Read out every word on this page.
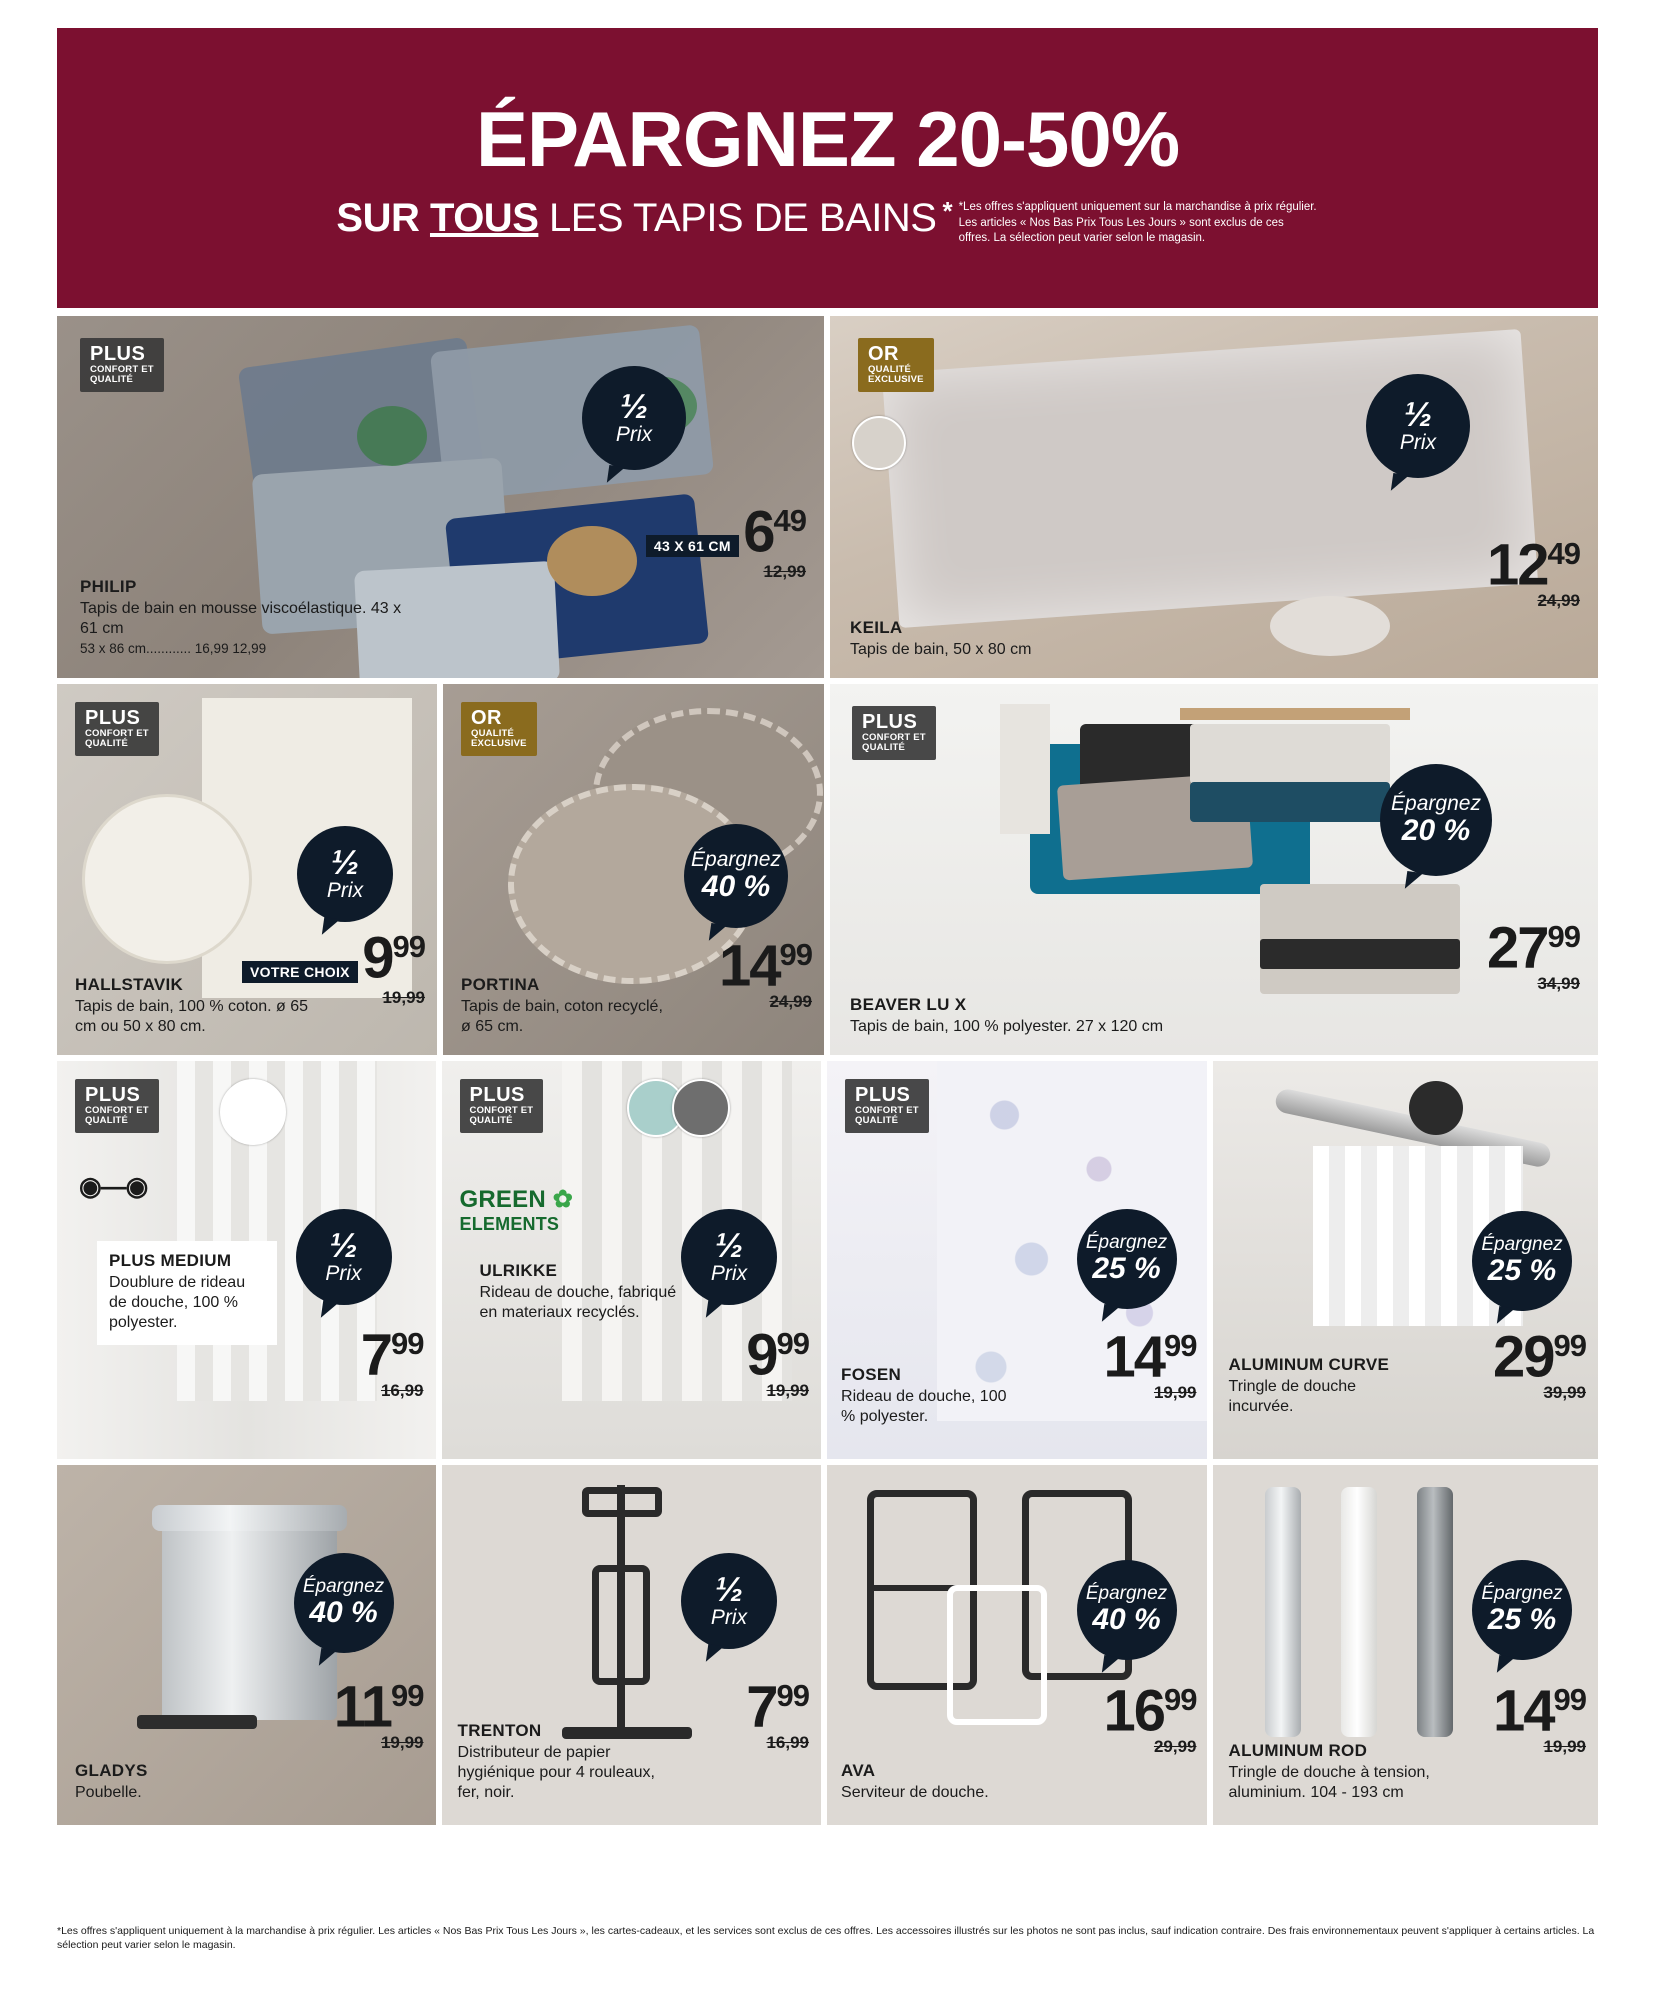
ÉPARGNEZ 20-50%
SUR TOUS LES TAPIS DE BAINS * *Les offres s'appliquent uniquement sur la marchandise à prix régulier. Les articles « Nos Bas Prix Tous Les Jours » sont exclus de ces offres. La sélection peut varier selon le magasin.
PLUS
CONFORT ET
QUALITÉ
½
Prix
43 X 61 CM $6^{49}$
12,99
PHILIP
Tapis de bain en mousse viscoélastique. 43 x 61 cm
53 x 86 cm............ 16,99 12,99
OR
QUALITÉ
EXCLUSIVE
½
Prix
$12^{49}$
24,99
KEILA
Tapis de bain, 50 x 80 cm
PLUS
CONFORT ET
QUALITÉ
½
Prix
VOTRE CHOIX $9^{99}$
19,99
HALLSTAVIK
Tapis de bain, 100 % coton. ø 65 cm ou 50 x 80 cm.
OR
QUALITÉ
EXCLUSIVE
Épargnez
40 %
$14^{99}$
24,99
PORTINA
Tapis de bain, coton recyclé, ø 65 cm.
PLUS
CONFORT ET
QUALITÉ
Épargnez
20 %
$27^{99}$
34,99
BEAVER LU X
Tapis de bain, 100 % polyester. 27 x 120 cm
PLUS
CONFORT ET
QUALITÉ
◉—◉
½
Prix
$7^{99}$
16,99
PLUS MEDIUM
Doublure de rideau de douche, 100 % polyester.
PLUS
CONFORT ET
QUALITÉ
GREEN ✿
ELEMENTS
½
Prix
$9^{99}$
19,99
ULRIKKE
Rideau de douche, fabriqué en materiaux recyclés.
PLUS
CONFORT ET
QUALITÉ
Épargnez
25 %
$14^{99}$
19,99
FOSEN
Rideau de douche, 100 % polyester.
Épargnez
25 %
$29^{99}$
39,99
ALUMINUM CURVE
Tringle de douche incurvée.
Épargnez
40 %
$11^{99}$
19,99
GLADYS
Poubelle.
½
Prix
$7^{99}$
16,99
TRENTON
Distributeur de papier hygiénique pour 4 rouleaux, fer, noir.
Épargnez
40 %
$16^{99}$
29,99
AVA
Serviteur de douche.
Épargnez
25 %
$14^{99}$
19,99
ALUMINUM ROD
Tringle de douche à tension, aluminium. 104 - 193 cm
*Les offres s'appliquent uniquement à la marchandise à prix régulier. Les articles « Nos Bas Prix Tous Les Jours », les cartes-cadeaux, et les services sont exclus de ces offres. Les accessoires illustrés sur les photos ne sont pas inclus, sauf indication contraire. Des frais environnementaux peuvent s'appliquer à certains articles. La sélection peut varier selon le magasin.
